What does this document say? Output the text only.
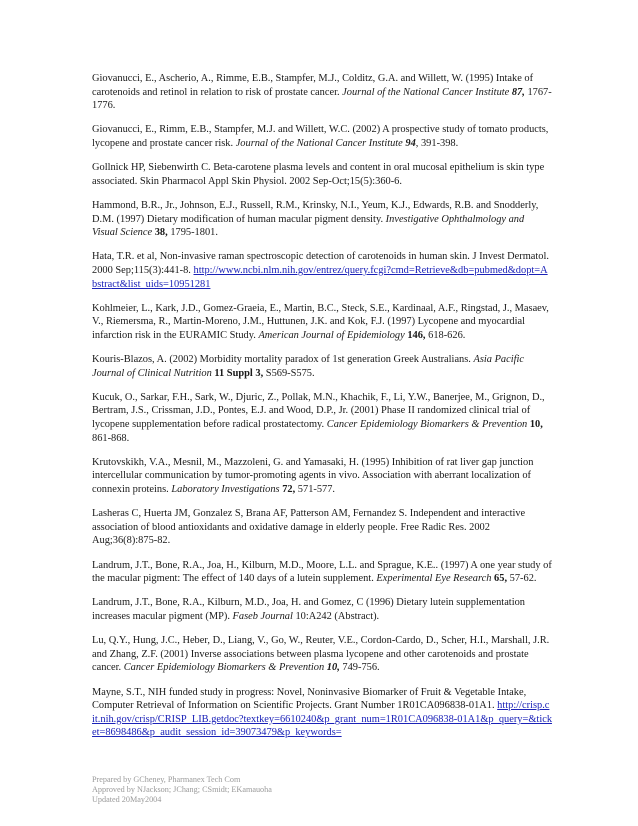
Giovanucci, E., Ascherio, A., Rimme, E.B., Stampfer, M.J., Colditz, G.A. and Willett, W. (1995) Intake of carotenoids and retinol in relation to risk of prostate cancer. Journal of the National Cancer Institute 87, 1767-1776.

Giovanucci, E., Rimm, E.B., Stampfer, M.J. and Willett, W.C. (2002) A prospective study of tomato products, lycopene and prostate cancer risk. Journal of the National Cancer Institute 94, 391-398.

Gollnick HP, Siebenwirth C. Beta-carotene plasma levels and content in oral mucosal epithelium is skin type associated. Skin Pharmacol Appl Skin Physiol. 2002 Sep-Oct;15(5):360-6.

Hammond, B.R., Jr., Johnson, E.J., Russell, R.M., Krinsky, N.I., Yeum, K.J., Edwards, R.B. and Snodderly, D.M. (1997) Dietary modification of human macular pigment density. Investigative Ophthalmology and Visual Science 38, 1795-1801.

Hata, T.R. et al, Non-invasive raman spectroscopic detection of carotenoids in human skin. J Invest Dermatol. 2000 Sep;115(3):441-8. http://www.ncbi.nlm.nih.gov/entrez/query.fcgi?cmd=Retrieve&db=pubmed&dopt=Abstract&list_uids=10951281

Kohlmeier, L., Kark, J.D., Gomez-Graeia, E., Martin, B.C., Steck, S.E., Kardinaal, A.F., Ringstad, J., Masaev, V., Riemersma, R., Martin-Moreno, J.M., Huttunen, J.K. and Kok, F.J. (1997) Lycopene and myocardial infarction risk in the EURAMIC Study. American Journal of Epidemiology 146, 618-626.

Kouris-Blazos, A. (2002) Morbidity mortality paradox of 1st generation Greek Australians. Asia Pacific Journal of Clinical Nutrition 11 Suppl 3, S569-S575.

Kucuk, O., Sarkar, F.H., Sark, W., Djuric, Z., Pollak, M.N., Khachik, F., Li, Y.W., Banerjee, M., Grignon, D., Bertram, J.S., Crissman, J.D., Pontes, E.J. and Wood, D.P., Jr. (2001) Phase II randomized clinical trial of lycopene supplementation before radical prostatectomy. Cancer Epidemiology Biomarkers & Prevention 10, 861-868.

Krutovskikh, V.A., Mesnil, M., Mazzoleni, G. and Yamasaki, H. (1995) Inhibition of rat liver gap junction intercellular communication by tumor-promoting agents in vivo. Association with aberrant localization of connexin proteins. Laboratory Investigations 72, 571-577.

Lasheras C, Huerta JM, Gonzalez S, Brana AF, Patterson AM, Fernandez S. Independent and interactive association of blood antioxidants and oxidative damage in elderly people. Free Radic Res. 2002 Aug;36(8):875-82.

Landrum, J.T., Bone, R.A., Joa, H., Kilburn, M.D., Moore, L.L. and Sprague, K.E.. (1997) A one year study of the macular pigment: The effect of 140 days of a lutein supplement. Experimental Eye Research 65, 57-62.

Landrum, J.T., Bone, R.A., Kilburn, M.D., Joa, H. and Gomez, C (1996) Dietary lutein supplementation increases macular pigment (MP). Faseb Journal 10:A242 (Abstract).

Lu, Q.Y., Hung, J.C., Heber, D., Liang, V., Go, W., Reuter, V.E., Cordon-Cardo, D., Scher, H.I., Marshall, J.R. and Zhang, Z.F. (2001) Inverse associations between plasma lycopene and other carotenoids and prostate cancer. Cancer Epidemiology Biomarkers & Prevention 10, 749-756.

Mayne, S.T., NIH funded study in progress: Novel, Noninvasive Biomarker of Fruit & Vegetable Intake, Computer Retrieval of Information on Scientific Projects. Grant Number 1R01CA096838-01A1. http://crisp.cit.nih.gov/crisp/CRISP_LIB.getdoc?textkey=6610240&p_grant_num=1R01CA096838-01A1&p_query=&ticket=8698486&p_audit_session_id=39073479&p_keywords=

Prepared by GCheney, Pharmanex Tech Com
Approved by NJackson; JChang; CSmidt; EKamauoha
Updated 20May2004
